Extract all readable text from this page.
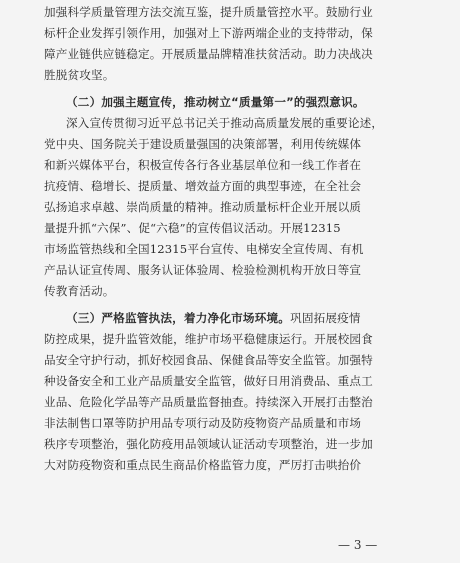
加强科学质量管理方法交流互鉴，提升质量管控水平。鼓励行业
标杆企业发挥引领作用，加强对上下游两端企业的支持带动，保
障产业链供应链稳定。开展质量品牌精准扶贫活动。助力决战决
胜脱贫攻坚。
（二）加强主题宣传，推动树立“质量第一”的强烈意识。
深入宣传贯彻习近平总书记关于推动高质量发展的重要论述，
党中央、国务院关于建设质量强国的决策部署，利用传统媒体
和新兴媒体平台，积极宣传各行各业基层单位和一线工作者在
抗疫情、稳增长、提质量、增效益方面的典型事迹，在全社会
弘扬追求卓越、崇尚质量的精神。推动质量标杆企业开展以质
量提升抓“六保”、促“六稳”的宣传倡议活动。开展12315
市场监管热线和全国12315平台宣传、电梯安全宣传周、有机
产品认证宣传周、服务认证体验周、检验检测机构开放日等宣
传教育活动。
（三）严格监管执法，着力净化市场环境。巩固拓展疫情
防控成果，提升监管效能，维护市场平稳健康运行。开展校园食
品安全守护行动，抓好校园食品、保健食品等安全监管。加强特
种设备安全和工业产品质量安全监管，做好日用消费品、重点工
业品、危险化学品等产品质量监督抽查。持续深入开展打击整治
非法制售口罩等防护用品专项行动及防疫物资产品质量和市场
秩序专项整治，强化防疫用品领域认证活动专项整治，进一步加
大对防疫物资和重点民生商品价格监管力度，严厉打击哄抬价
— 3 —
